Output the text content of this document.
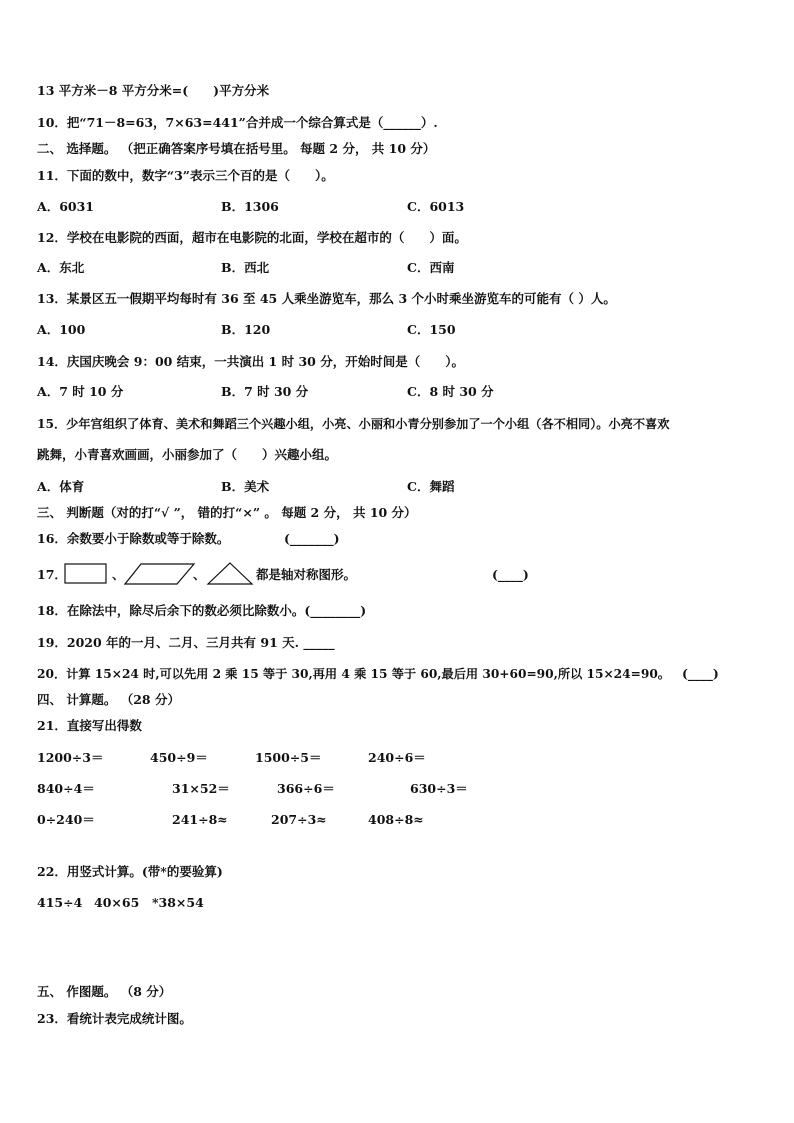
13 平方米－8 平方分米=(　　)平方分米
10．把“71－8=63，7×63=441”合并成一个综合算式是（______）.
二、 选择题。 （把正确答案序号填在括号里。 每题 2 分， 共 10 分）
11．下面的数中，数字“3”表示三个百的是（　　）。
A．6031	B．1306	C．6013
12．学校在电影院的西面，超市在电影院的北面，学校在超市的（　　）面。
A．东北	B．西北	C．西南
13．某景区五一假期平均每时有 36 至 45 人乘坐游览车，那么 3 个小时乘坐游览车的可能有（ ）人。
A．100	B．120	C．150
14．庆国庆晚会 9：00 结束，一共演出 1 时 30 分，开始时间是（　　）。
A．7 时 10 分	B．7 时 30 分	C．8 时 30 分
15．少年宫组织了体育、美术和舞蹈三个兴趣小组，小亮、小丽和小青分别参加了一个小组（各不相同）。小亮不喜欢
跳舞，小青喜欢画画，小丽参加了（　　）兴趣小组。
A．体育	B．美术	C．舞蹈
三、 判断题（对的打“√ ”， 错的打“×” 。 每题 2 分， 共 10 分）
16．余数要小于除数或等于除数。	(_______)
17．	、	、	都是轴对称图形。	(____)
18．在除法中，除尽后余下的数必须比除数小。(________)
19．2020 年的一月、二月、三月共有 91 天. _____
20．计算 15×24 时,可以先用 2 乘 15 等于 30,再用 4 乘 15 等于 60,最后用 30+60=90,所以 15×24=90。 (____)
四、 计算题。 （28 分）
21．直接写出得数
1200÷3＝	450÷9＝	1500÷5＝	240÷6＝
840÷4＝	31×52＝	366÷6＝	630÷3＝
0÷240＝	241÷8≈	207÷3≈	408÷8≈
22．用竖式计算。(带*的要验算)
415÷4 40×65 *38×54
五、 作图题。 （8 分）
23．看统计表完成统计图。
